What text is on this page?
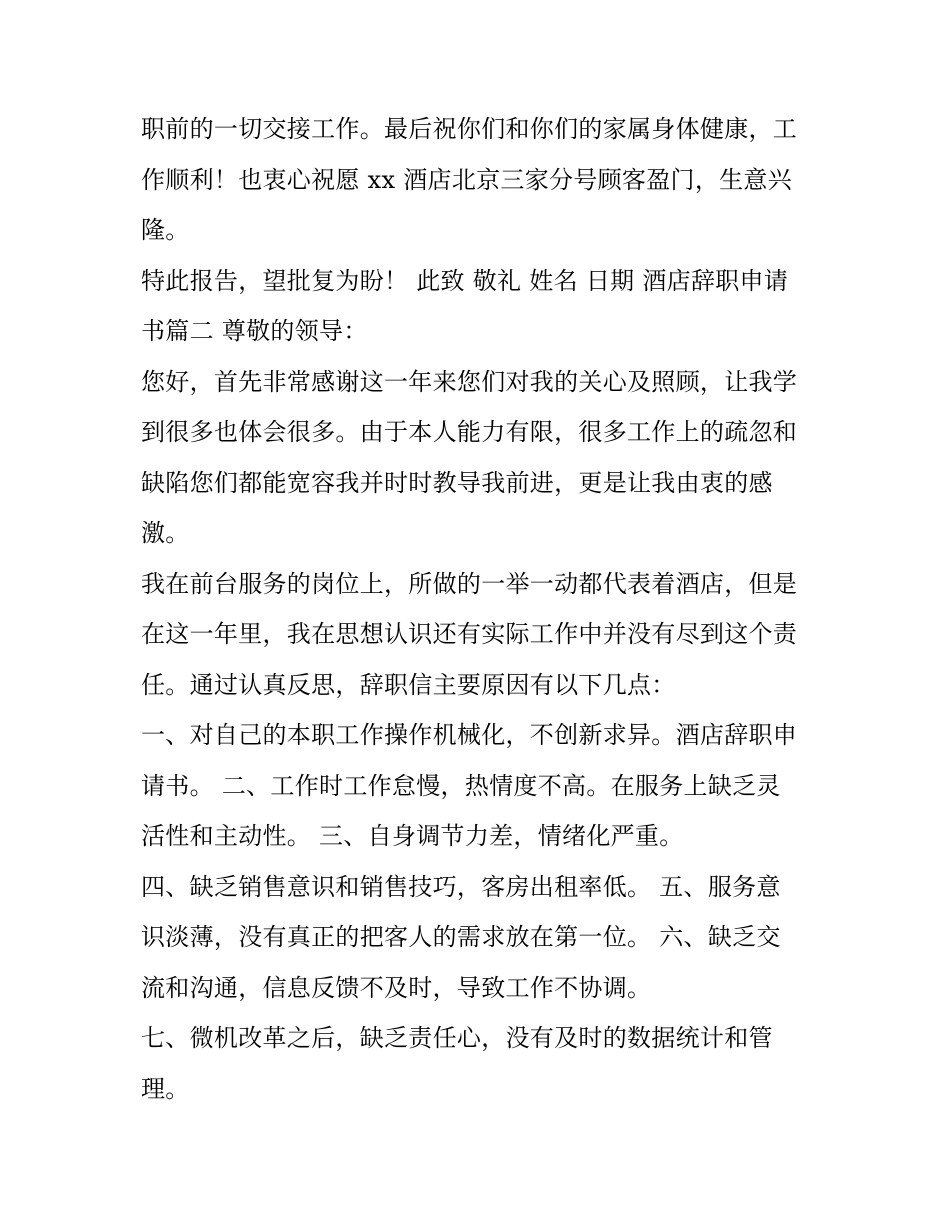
职前的一切交接工作。最后祝你们和你们的家属身体健康，工
作顺利！也衷心祝愿 xx 酒店北京三家分号顾客盈门，生意兴
隆。

特此报告，望批复为盼！ 此致 敬礼 姓名 日期 酒店辞职申请
书篇二 尊敬的领导：

您好，首先非常感谢这一年来您们对我的关心及照顾，让我学
到很多也体会很多。由于本人能力有限，很多工作上的疏忽和
缺陷您们都能宽容我并时时教导我前进，更是让我由衷的感
激。

我在前台服务的岗位上，所做的一举一动都代表着酒店，但是
在这一年里，我在思想认识还有实际工作中并没有尽到这个责
任。通过认真反思，辞职信主要原因有以下几点：

一、对自己的本职工作操作机械化，不创新求异。酒店辞职申
请书。 二、工作时工作怠慢，热情度不高。在服务上缺乏灵
活性和主动性。 三、自身调节力差，情绪化严重。

四、缺乏销售意识和销售技巧，客房出租率低。 五、服务意
识淡薄，没有真正的把客人的需求放在第一位。 六、缺乏交
流和沟通，信息反馈不及时，导致工作不协调。

七、微机改革之后，缺乏责任心，没有及时的数据统计和管
理。
